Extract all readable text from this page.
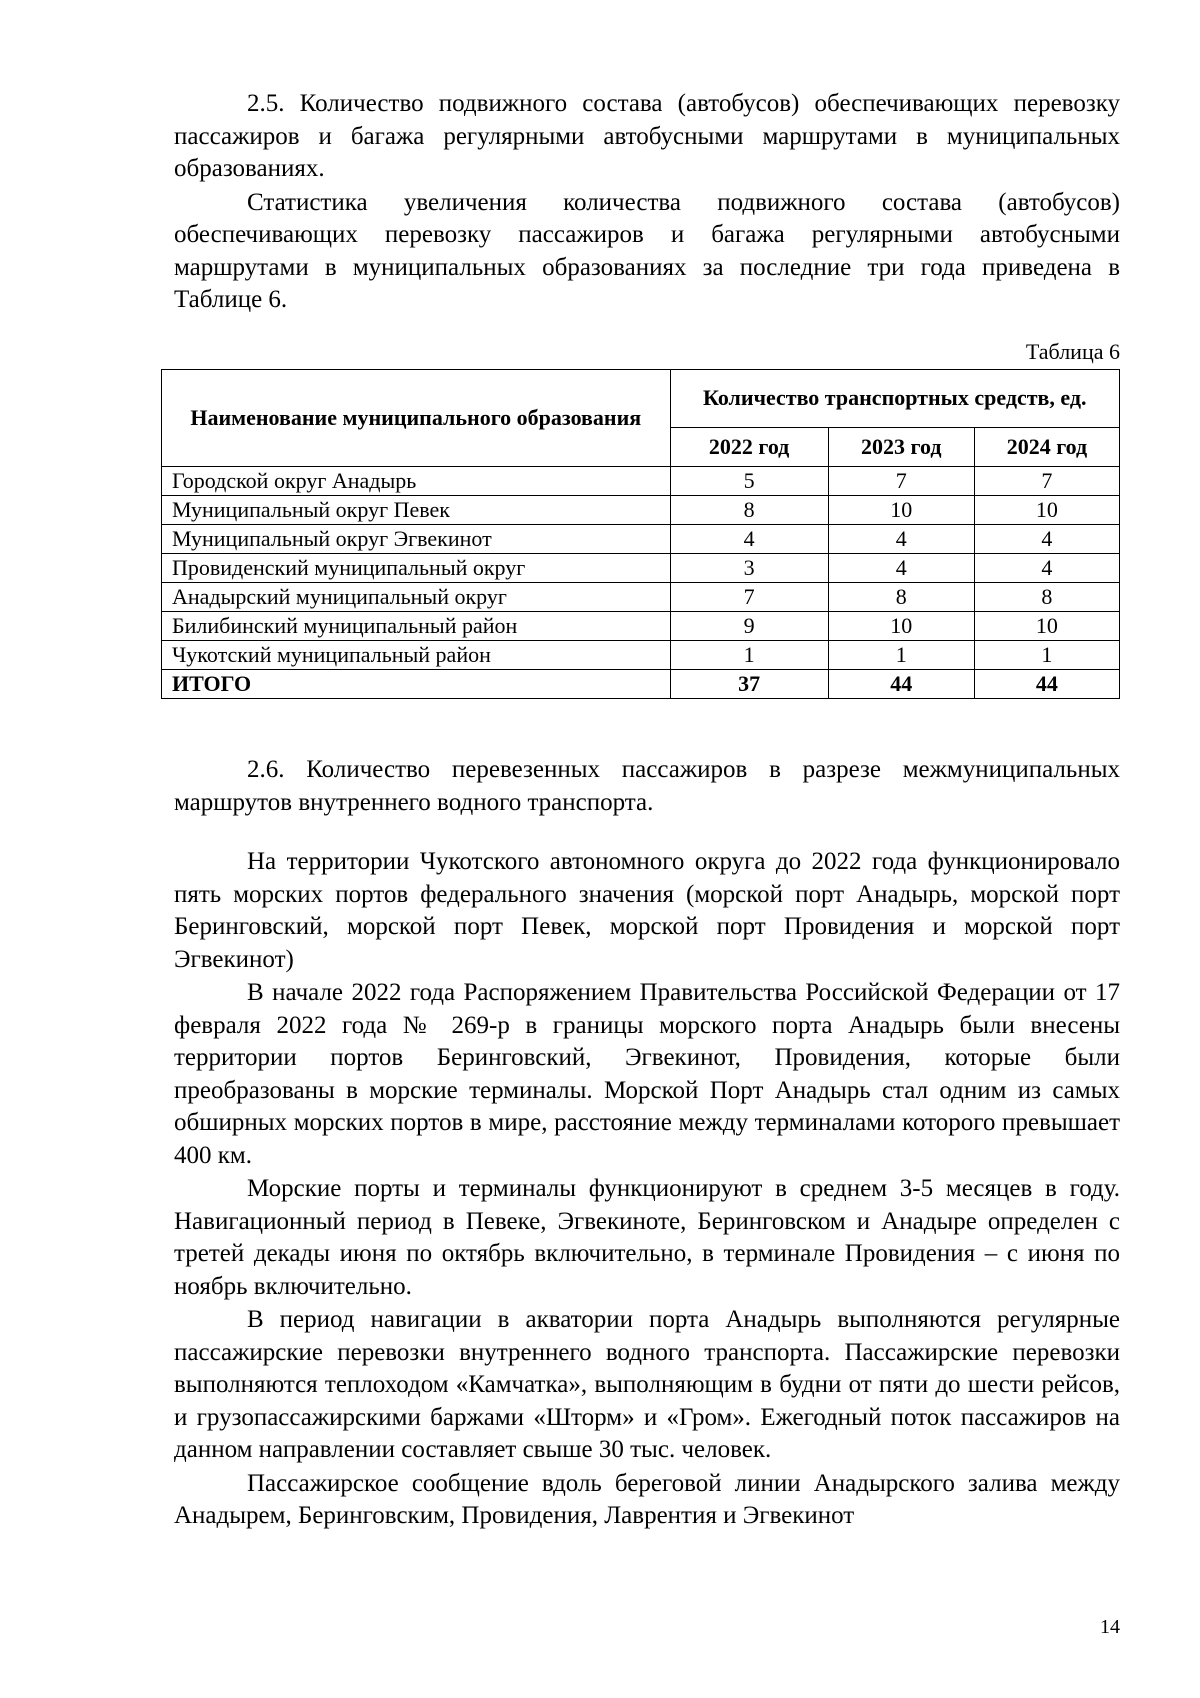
2.5. Количество подвижного состава (автобусов) обеспечивающих перевозку пассажиров и багажа регулярными автобусными маршрутами в муниципальных образованиях.

Статистика увеличения количества подвижного состава (автобусов) обеспечивающих перевозку пассажиров и багажа регулярными автобусными маршрутами в муниципальных образованиях за последние три года приведена в Таблице 6.

Таблица 6
Наименование муниципального образования	Количество транспортных средств, ед.		
	2022 год	2023 год	2024 год
Городской округ Анадырь	5	7	7
Муниципальный округ Певек	8	10	10
Муниципальный округ Эгвекинот	4	4	4
Провиденский муниципальный округ	3	4	4
Анадырский муниципальный округ	7	8	8
Билибинский муниципальный район	9	10	10
Чукотский муниципальный район	1	1	1
ИТОГО	37	44	44

2.6. Количество перевезенных пассажиров в разрезе межмуниципальных маршрутов внутреннего водного транспорта.

На территории Чукотского автономного округа до 2022 года функционировало пять морских портов федерального значения (морской порт Анадырь, морской порт Беринговский, морской порт Певек, морской порт Провидения и морской порт Эгвекинот)

В начале 2022 года Распоряжением Правительства Российской Федерации от 17 февраля 2022 года № 269-р в границы морского порта Анадырь были внесены территории портов Беринговский, Эгвекинот, Провидения, которые были преобразованы в морские терминалы. Морской Порт Анадырь стал одним из самых обширных морских портов в мире, расстояние между терминалами которого превышает 400 км.

Морские порты и терминалы функционируют в среднем 3-5 месяцев в году. Навигационный период в Певеке, Эгвекиноте, Беринговском и Анадыре определен с третей декады июня по октябрь включительно, в терминале Провидения – с июня по ноябрь включительно.

В период навигации в акватории порта Анадырь выполняются регулярные пассажирские перевозки внутреннего водного транспорта. Пассажирские перевозки выполняются теплоходом «Камчатка», выполняющим в будни от пяти до шести рейсов, и грузопассажирскими баржами «Шторм» и «Гром». Ежегодный поток пассажиров на данном направлении составляет свыше 30 тыс. человек.

Пассажирское сообщение вдоль береговой линии Анадырского залива между Анадырем, Беринговским, Провидения, Лаврентия и Эгвекинот

14
